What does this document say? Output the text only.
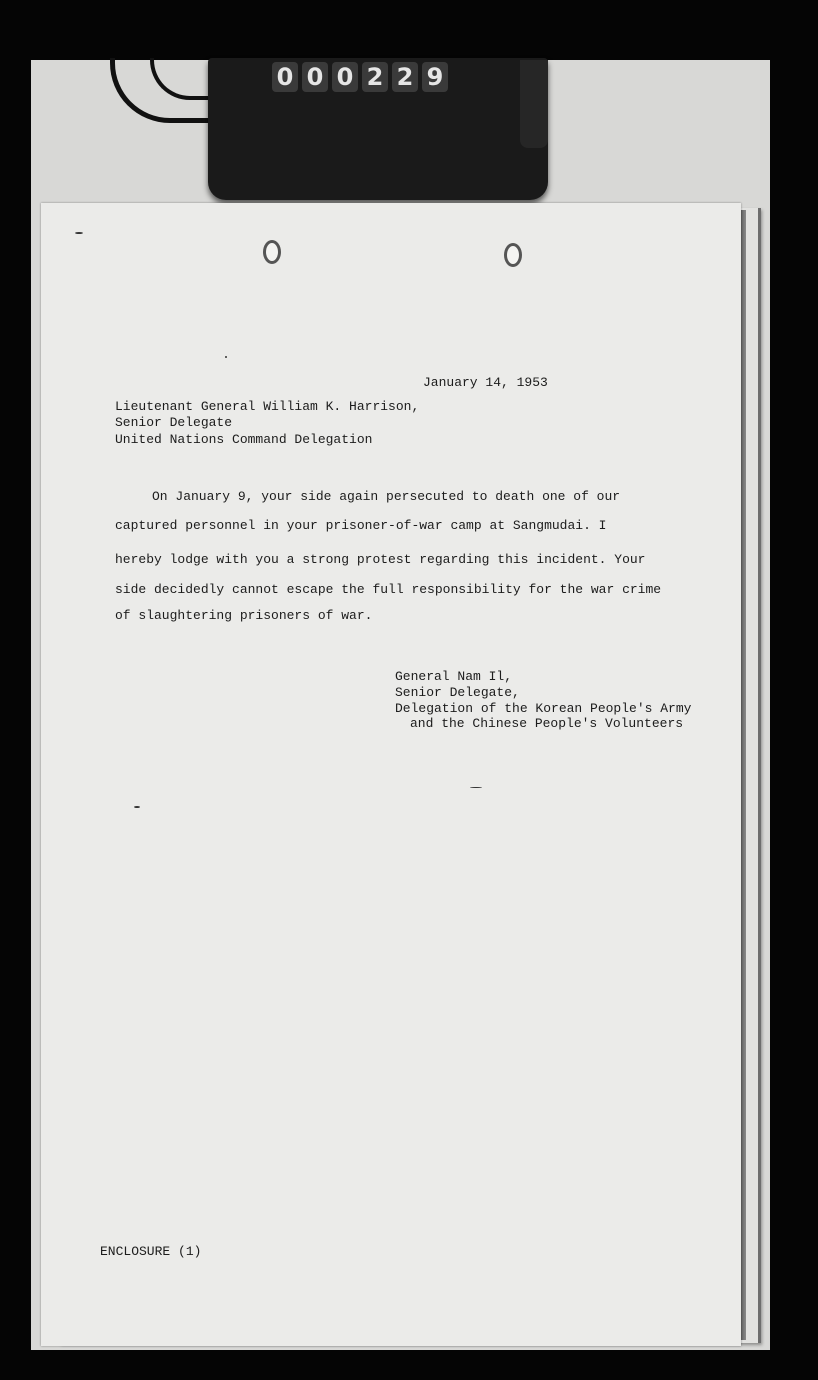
0 0 0 2 2 9
January 14, 1953
Lieutenant General William K. Harrison,
Senior Delegate
United Nations Command Delegation
On January 9, your side again persecuted to death one of our
captured personnel in your prisoner-of-war camp at Sangmudai. I
hereby lodge with you a strong protest regarding this incident. Your
side decidedly cannot escape the full responsibility for the war crime
of slaughtering prisoners of war.
General Nam Il,
Senior Delegate,
Delegation of the Korean People's Army
and the Chinese People's Volunteers
ENCLOSURE (1)
